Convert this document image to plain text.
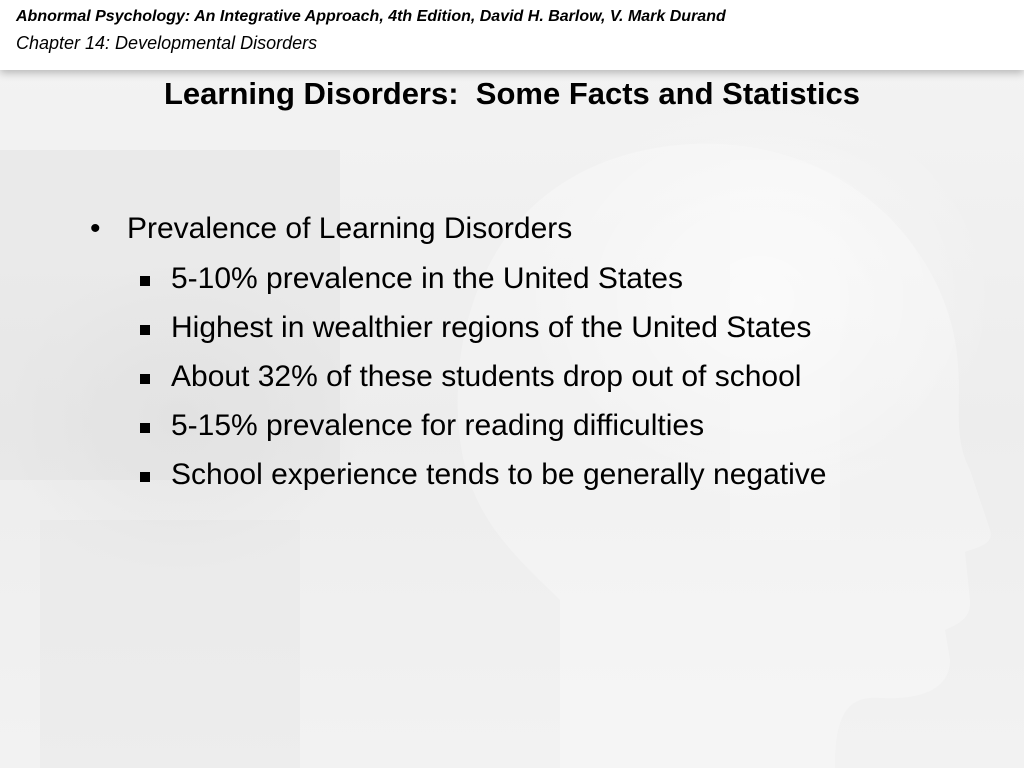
Abnormal Psychology: An Integrative Approach, 4th Edition, David H. Barlow, V. Mark Durand
Chapter 14: Developmental Disorders
Learning Disorders:  Some Facts and Statistics
• Prevalence of Learning Disorders
5-10% prevalence in the United States
Highest in wealthier regions of the United States
About 32% of these students drop out of school
5-15% prevalence for reading difficulties
School experience tends to be generally negative
